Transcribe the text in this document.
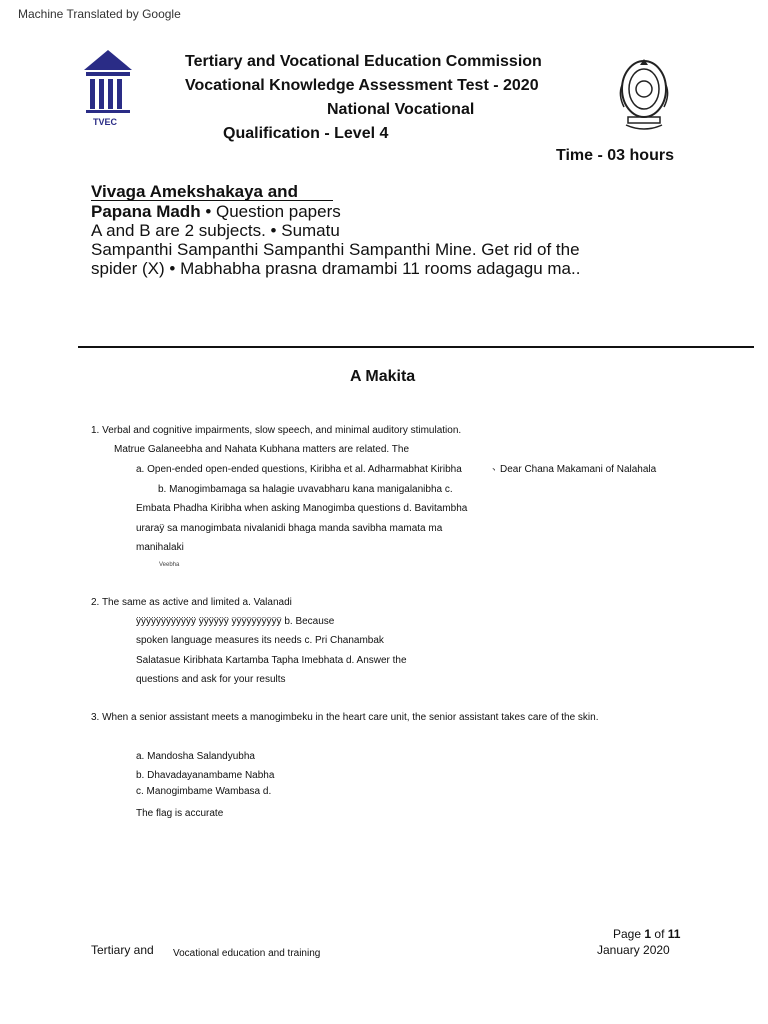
Machine Translated by Google
TVEC
Tertiary and Vocational Education Commission
Vocational Knowledge Assessment Test - 2020
National Vocational
Qualification - Level 4
Time - 03 hours
Vivaga Amekshakaya and
Papana Madh • Question papers
A and B are 2 subjects. • Sumatu
Sampanthi Sampanthi Sampanthi Sampanthi Mine. Get rid of the
spider (X) • Mabhabha prasna dramambi 11 rooms adagagu ma..
A Makita
1. Verbal and cognitive impairments, slow speech, and minimal auditory stimulation.
Matrue Galaneebha and Nahata Kubhana matters are related. The
a. Open-ended open-ended questions, Kiribha et al. Adharmabhat Kiribha	、
Dear Chana Makamani of Nalahala
b. Manogimbamaga sa halagie uvavabharu kana manigalanibha c.
Embata Phadha Kiribha when asking Manogimba questions d. Bavitambha
uraraÿ sa manogimbata nivalanidi bhaga manda savibha mamata ma
manihalaki
Veebha
2. The same as active and limited a. Valanadi
ÿÿÿÿÿÿÿÿÿÿÿÿ ÿÿÿÿÿÿ ÿÿÿÿÿÿÿÿÿÿ b. Because
spoken language measures its needs c. Pri Chanambak
Salatasue Kiribhata Kartamba Tapha Imebhata d. Answer the
questions and ask for your results
3. When a senior assistant meets a manogimbeku in the heart care unit, the senior assistant takes care of the skin.
a. Mandosha Salandyubha
b. Dhavadayanambame Nabha
c. Manogimbame Wambasa d.
The flag is accurate
Tertiary and Vocational education and training
Page 1 of 11
January 2020
